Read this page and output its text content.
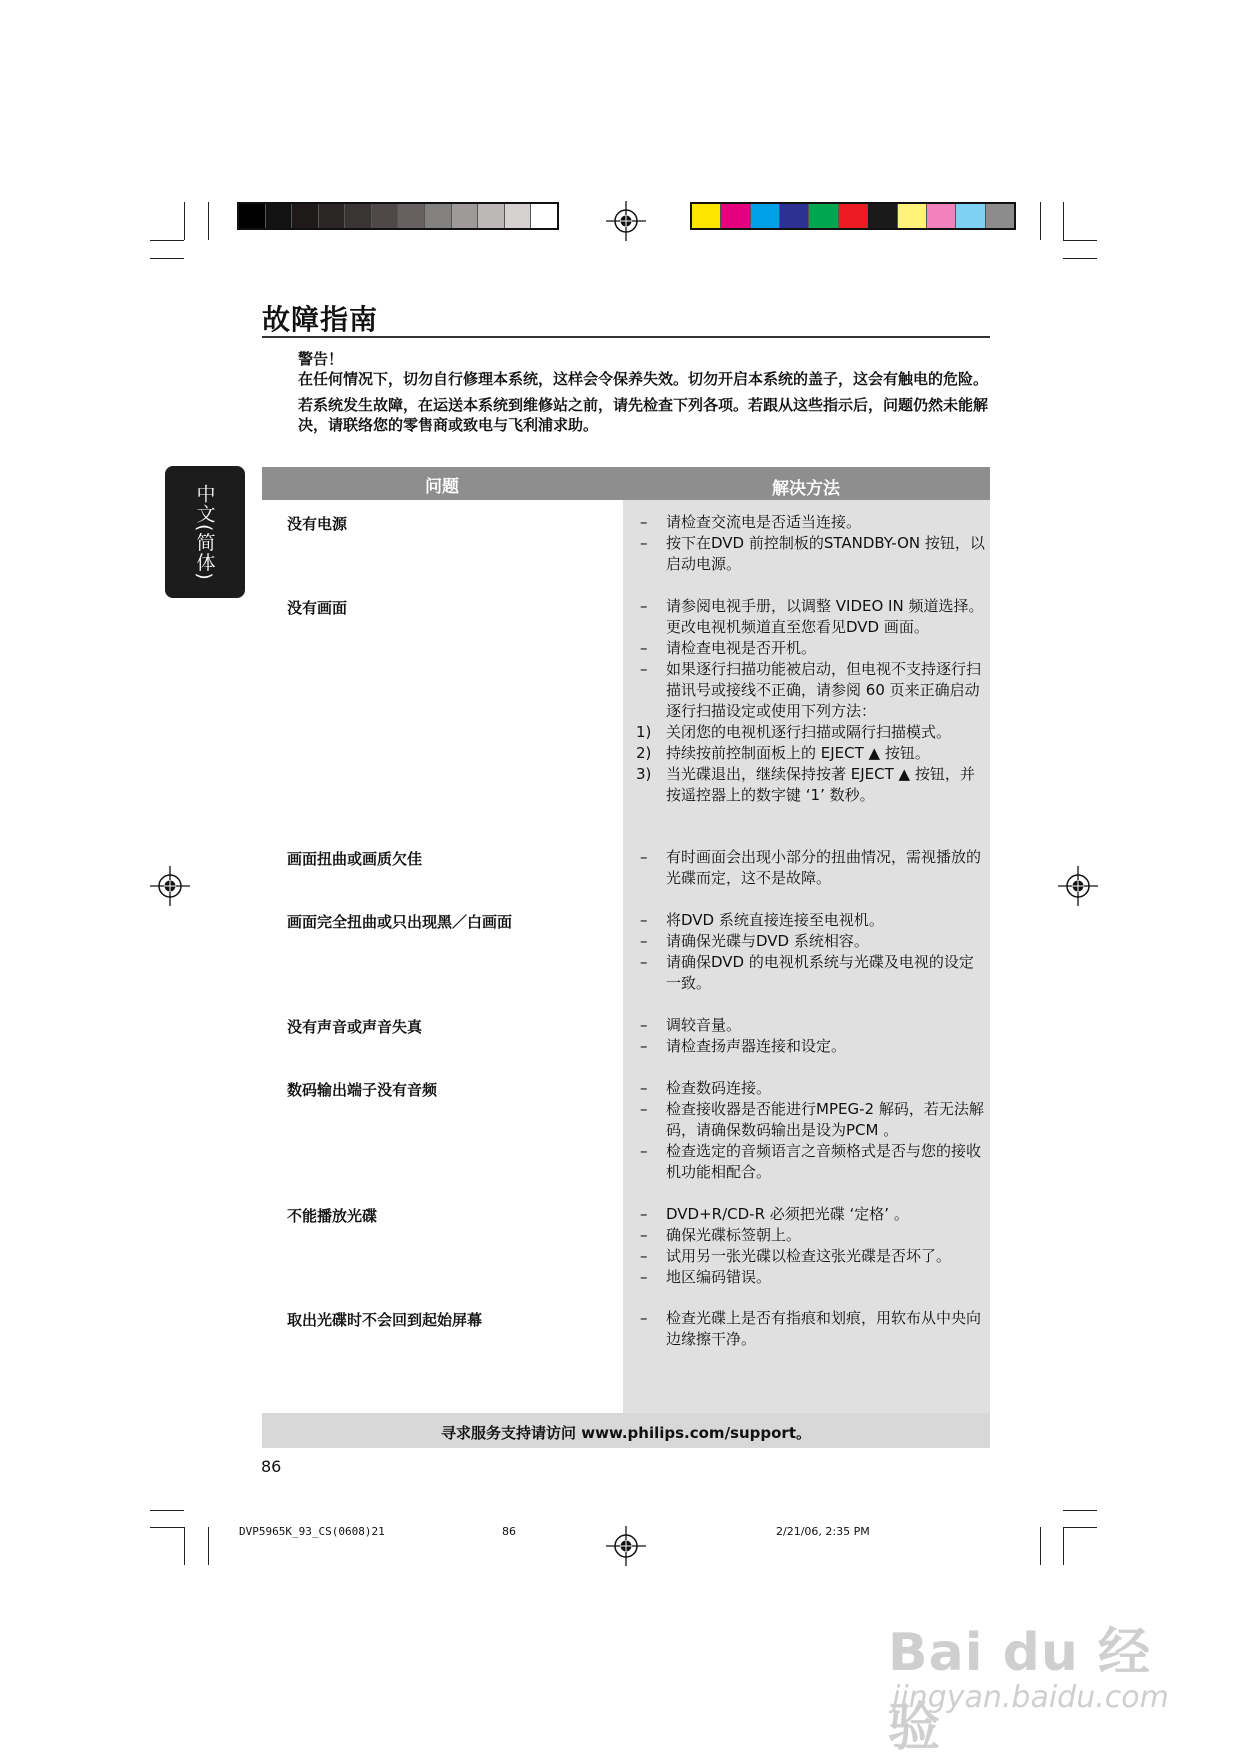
故障指南

警告！

在任何情况下，切勿自行修理本系统，这样会令保养失效。切勿开启本系统的盖子，这会有触电的危险。

若系统发生故障，在运送本系统到维修站之前，请先检查下列各项。若跟从这些指示后，问题仍然未能解决，请联络您的零售商或致电与飞利浦求助。

中文(简体)	问题	解决方法
没有电源	– 请检查交流电是否适当连接。
– 按下在DVD 前控制板的STANDBY-ON 按钮，以启动电源。
没有画面	– 请参阅电视手册，以调整 VIDEO IN 频道选择。更改电视机频道直至您看见DVD 画面。
– 请检查电视是否开机。
– 如果逐行扫描功能被启动，但电视不支持逐行扫描讯号或接线不正确，请参阅 60 页来正确启动逐行扫描设定或使用下列方法：
1) 关闭您的电视机逐行扫描或隔行扫描模式。
2) 持续按前控制面板上的 EJECT ▲ 按钮。
3) 当光碟退出，继续保持按著 EJECT ▲ 按钮，并按遥控器上的数字键 ‘1’ 数秒。
画面扭曲或画质欠佳	– 有时画面会出现小部分的扭曲情况，需视播放的光碟而定，这不是故障。
画面完全扭曲或只出现黑／白画面	– 将DVD 系统直接连接至电视机。
– 请确保光碟与DVD 系统相容。
– 请确保DVD 的电视机系统与光碟及电视的设定一致。
没有声音或声音失真	– 调较音量。
– 请检查扬声器连接和设定。
数码输出端子没有音频	– 检查数码连接。
– 检查接收器是否能进行MPEG-2 解码，若无法解码，请确保数码输出是设为PCM 。
– 检查选定的音频语言之音频格式是否与您的接收机功能相配合。
不能播放光碟	– DVD+R/CD-R 必须把光碟 ‘定格’ 。
– 确保光碟标签朝上。
– 试用另一张光碟以检查这张光碟是否坏了。
– 地区编码错误。
取出光碟时不会回到起始屏幕	– 检查光碟上是否有指痕和划痕，用软布从中央向边缘擦干净。
寻求服务支持请访问 www.philips.com/support。
86
DVP5965K_93_CS(0608)21	86	2/21/06, 2:35 PM
Bai du 经验
jingyan.baidu.com
